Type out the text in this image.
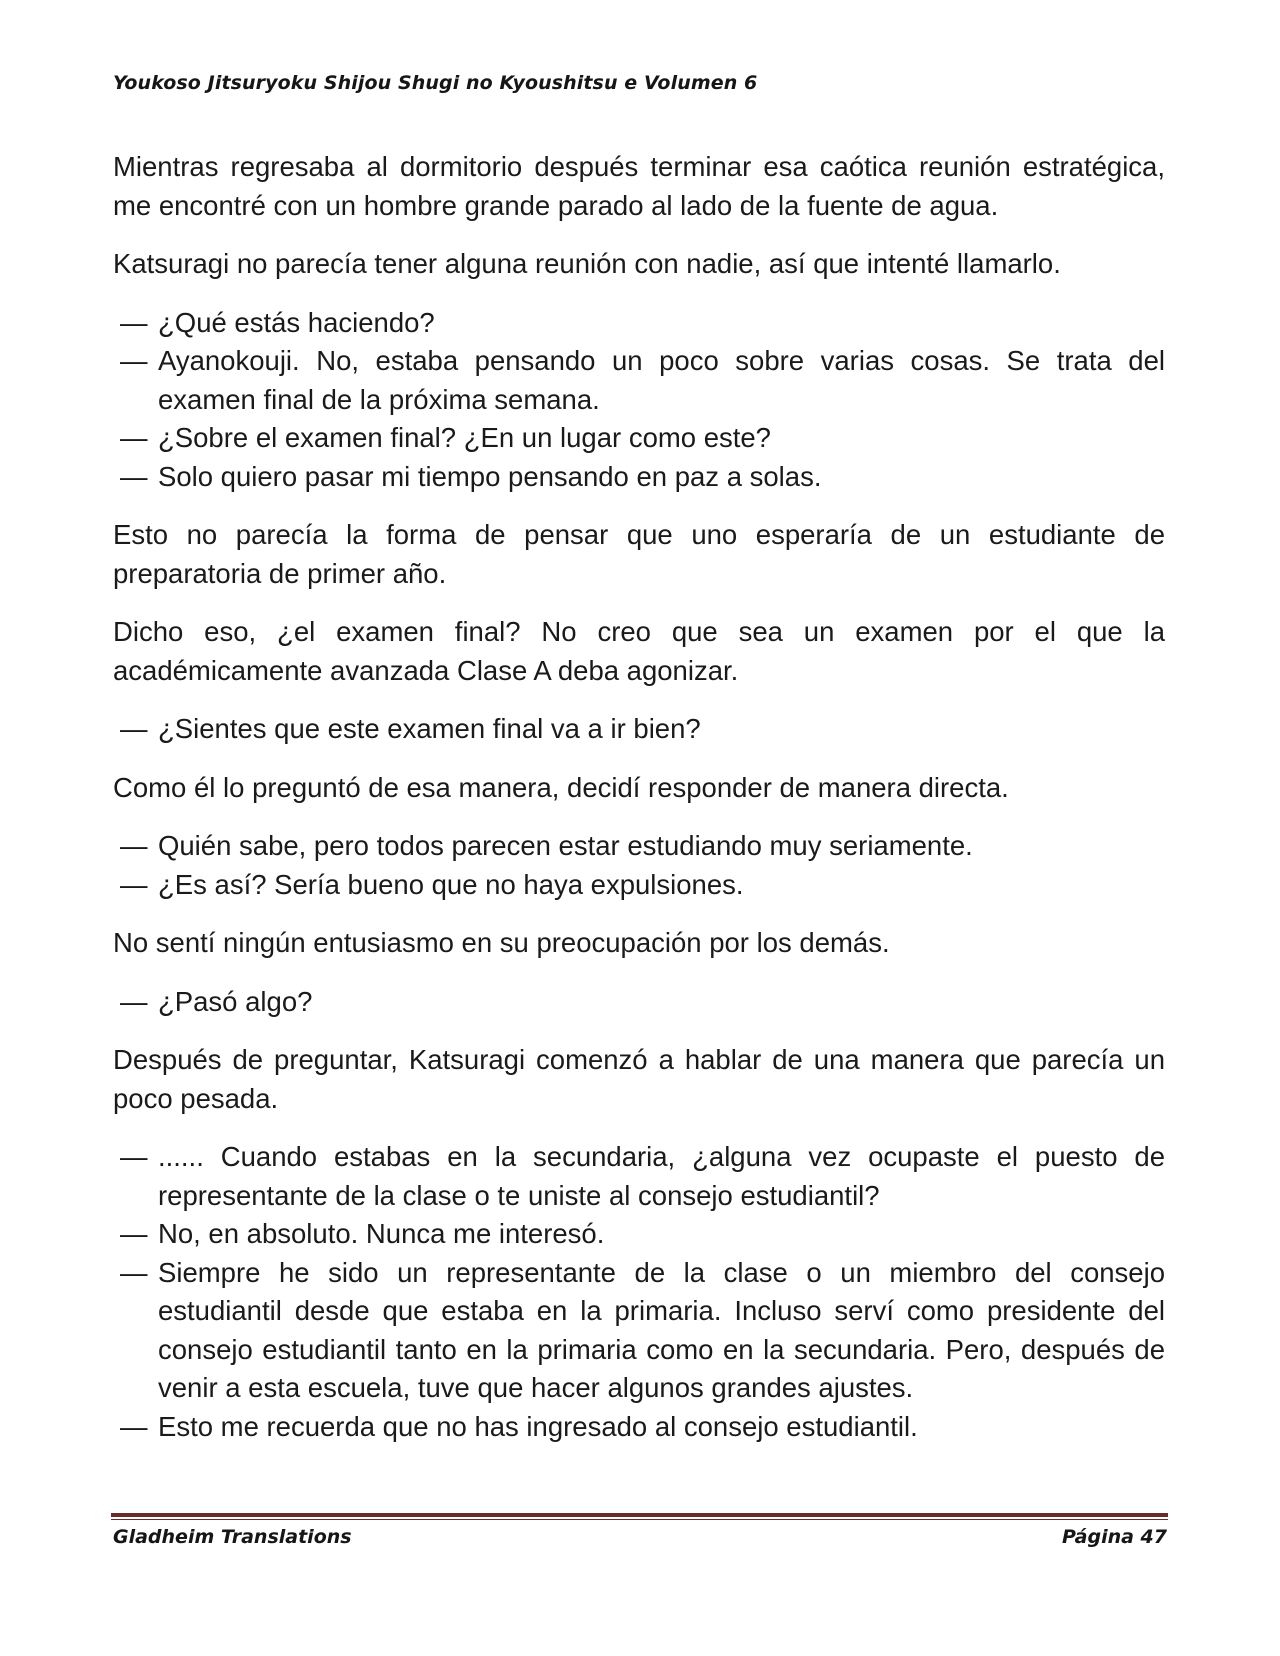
Youkoso Jitsuryoku Shijou Shugi no Kyoushitsu e Volumen 6

Mientras regresaba al dormitorio después terminar esa caótica reunión estratégica, me encontré con un hombre grande parado al lado de la fuente de agua.

Katsuragi no parecía tener alguna reunión con nadie, así que intenté llamarlo.

— ¿Qué estás haciendo?
— Ayanokouji. No, estaba pensando un poco sobre varias cosas. Se trata del examen final de la próxima semana.
— ¿Sobre el examen final? ¿En un lugar como este?
— Solo quiero pasar mi tiempo pensando en paz a solas.

Esto no parecía la forma de pensar que uno esperaría de un estudiante de preparatoria de primer año.

Dicho eso, ¿el examen final? No creo que sea un examen por el que la académicamente avanzada Clase A deba agonizar.

— ¿Sientes que este examen final va a ir bien?

Como él lo preguntó de esa manera, decidí responder de manera directa.

— Quién sabe, pero todos parecen estar estudiando muy seriamente.
— ¿Es así? Sería bueno que no haya expulsiones.

No sentí ningún entusiasmo en su preocupación por los demás.

— ¿Pasó algo?

Después de preguntar, Katsuragi comenzó a hablar de una manera que parecía un poco pesada.

— ...... Cuando estabas en la secundaria, ¿alguna vez ocupaste el puesto de representante de la clase o te uniste al consejo estudiantil?
— No, en absoluto. Nunca me interesó.
— Siempre he sido un representante de la clase o un miembro del consejo estudiantil desde que estaba en la primaria. Incluso serví como presidente del consejo estudiantil tanto en la primaria como en la secundaria. Pero, después de venir a esta escuela, tuve que hacer algunos grandes ajustes.
— Esto me recuerda que no has ingresado al consejo estudiantil.
Gladheim Translations	Página 47
